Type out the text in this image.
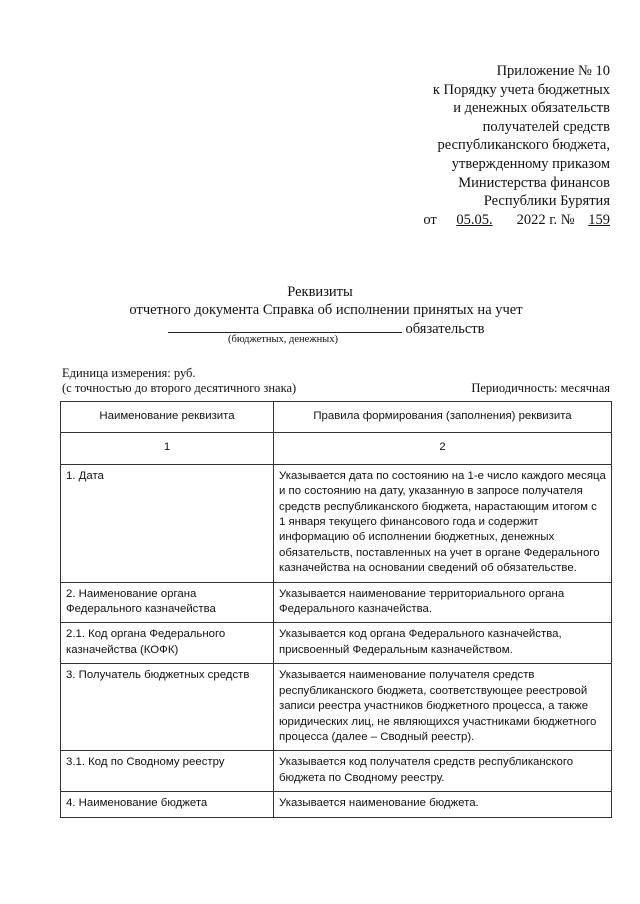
Приложение № 10
к Порядку учета бюджетных
и денежных обязательств
получателей средств
республиканского бюджета,
утвержденному приказом
Министерства финансов
Республики Бурятия
от 05.05. 2022 г. № 159
Реквизиты
отчетного документа Справка об исполнении принятых на учет
обязательств
(бюджетных, денежных)
Единица измерения: руб.
(с точностью до второго десятичного знака)	Периодичность: месячная
Наименование реквизита	Правила формирования (заполнения) реквизита
1	2
1. Дата	Указывается дата по состоянию на 1-е число каждого месяца и по состоянию на дату, указанную в запросе получателя средств республиканского бюджета, нарастающим итогом с 1 января текущего финансового года и содержит информацию об исполнении бюджетных, денежных обязательств, поставленных на учет в органе Федерального казначейства на основании сведений об обязательстве.
2. Наименование органа Федерального казначейства	Указывается наименование территориального органа Федерального казначейства.
2.1. Код органа Федерального казначейства (КОФК)	Указывается код органа Федерального казначейства, присвоенный Федеральным казначейством.
3. Получатель бюджетных средств	Указывается наименование получателя средств республиканского бюджета, соответствующее реестровой записи реестра участников бюджетного процесса, а также юридических лиц, не являющихся участниками бюджетного процесса (далее – Сводный реестр).
3.1. Код по Сводному реестру	Указывается код получателя средств республиканского бюджета по Сводному реестру.
4. Наименование бюджета	Указывается наименование бюджета.
